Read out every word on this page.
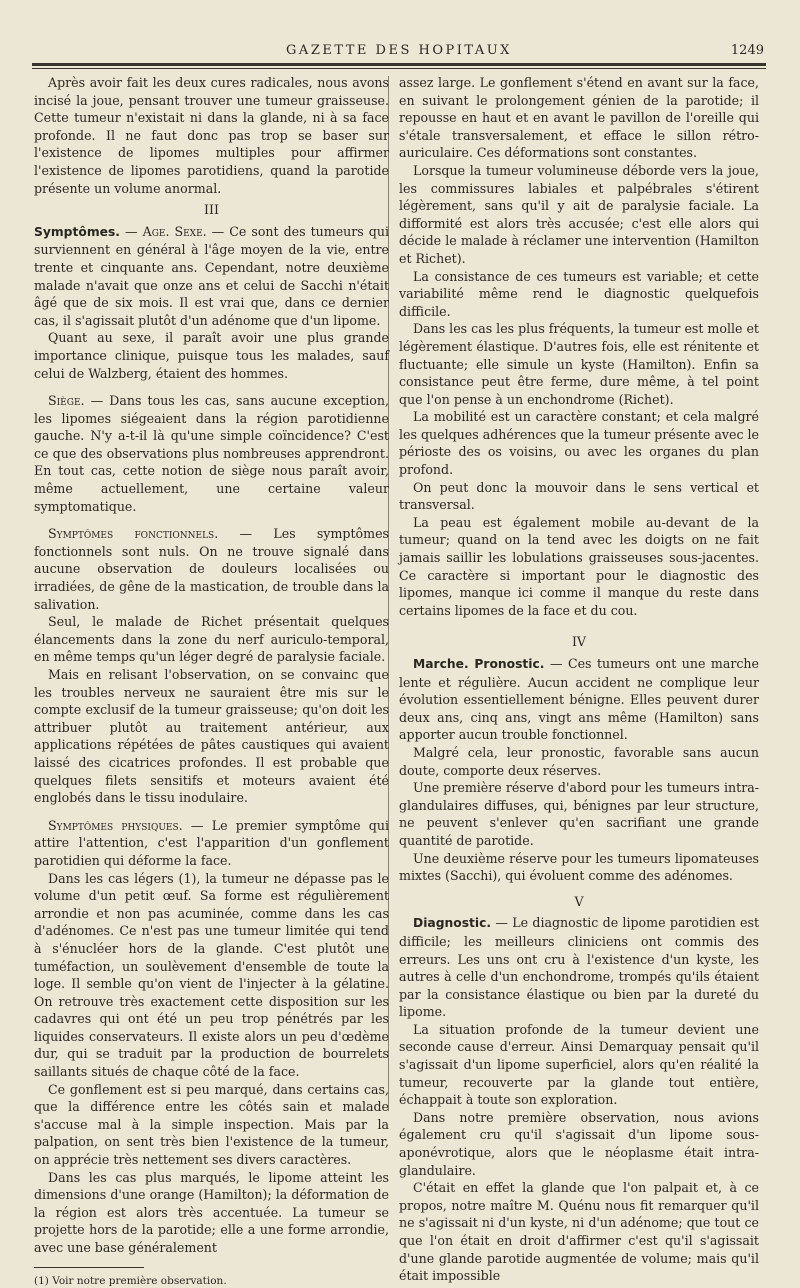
GAZETTE DES HOPITAUX	1249

Après avoir fait les deux cures radicales, nous avons incisé la joue, pensant trouver une tumeur graisseuse. Cette tumeur n'existait ni dans la glande, ni à sa face profonde. Il ne faut donc pas trop se baser sur l'existence de lipomes multiples pour affirmer l'existence de lipomes parotidiens, quand la parotide présente un volume anormal.

III

Symptômes. — Age. Sexe. — Ce sont des tumeurs qui surviennent en général à l'âge moyen de la vie, entre trente et cinquante ans. Cependant, notre deuxième malade n'avait que onze ans et celui de Sacchi n'était âgé que de six mois. Il est vrai que, dans ce dernier cas, il s'agissait plutôt d'un adénome que d'un lipome.

Quant au sexe, il paraît avoir une plus grande importance clinique, puisque tous les malades, sauf celui de Walzberg, étaient des hommes.

Siège. — Dans tous les cas, sans aucune exception, les lipomes siégeaient dans la région parotidienne gauche. N'y a-t-il là qu'une simple coïncidence? C'est ce que des observations plus nombreuses apprendront. En tout cas, cette notion de siège nous paraît avoir, même actuellement, une certaine valeur symptomatique.

Symptômes fonctionnels. — Les symptômes fonctionnels sont nuls. On ne trouve signalé dans aucune observation de douleurs localisées ou irradiées, de gêne de la mastication, de trouble dans la salivation.

Seul, le malade de Richet présentait quelques élancements dans la zone du nerf auriculo-temporal, en même temps qu'un léger degré de paralysie faciale.

Mais en relisant l'observation, on se convainc que les troubles nerveux ne sauraient être mis sur le compte exclusif de la tumeur graisseuse; qu'on doit les attribuer plutôt au traitement antérieur, aux applications répétées de pâtes caustiques qui avaient laissé des cicatrices profondes. Il est probable que quelques filets sensitifs et moteurs avaient été englobés dans le tissu inodulaire.

Symptômes physiques. — Le premier symptôme qui attire l'attention, c'est l'apparition d'un gonflement parotidien qui déforme la face.

Dans les cas légers (1), la tumeur ne dépasse pas le volume d'un petit œuf. Sa forme est régulièrement arrondie et non pas acuminée, comme dans les cas d'adénomes. Ce n'est pas une tumeur limitée qui tend à s'énucléer hors de la glande. C'est plutôt une tuméfaction, un soulèvement d'ensemble de toute la loge. Il semble qu'on vient de l'injecter à la gélatine. On retrouve très exactement cette disposition sur les cadavres qui ont été un peu trop pénétrés par les liquides conservateurs. Il existe alors un peu d'œdème dur, qui se traduit par la production de bourrelets saillants situés de chaque côté de la face.

Ce gonflement est si peu marqué, dans certains cas, que la différence entre les côtés sain et malade s'accuse mal à la simple inspection. Mais par la palpation, on sent très bien l'existence de la tumeur, on apprécie très nettement ses divers caractères.

Dans les cas plus marqués, le lipome atteint les dimensions d'une orange (Hamilton); la déformation de la région est alors très accentuée. La tumeur se projette hors de la parotide; elle a une forme arrondie, avec une base généralement

(1) Voir notre première observation.

assez large. Le gonflement s'étend en avant sur la face, en suivant le prolongement génien de la parotide; il repousse en haut et en avant le pavillon de l'oreille qui s'étale transversalement, et efface le sillon rétro-auriculaire. Ces déformations sont constantes.

Lorsque la tumeur volumineuse déborde vers la joue, les commissures labiales et palpébrales s'étirent légèrement, sans qu'il y ait de paralysie faciale. La difformité est alors très accusée; c'est elle alors qui décide le malade à réclamer une intervention (Hamilton et Richet).

La consistance de ces tumeurs est variable; et cette variabilité même rend le diagnostic quelquefois difficile.

Dans les cas les plus fréquents, la tumeur est molle et légèrement élastique. D'autres fois, elle est rénitente et fluctuante; elle simule un kyste (Hamilton). Enfin sa consistance peut être ferme, dure même, à tel point que l'on pense à un enchondrome (Richet).

La mobilité est un caractère constant; et cela malgré les quelques adhérences que la tumeur présente avec le périoste des os voisins, ou avec les organes du plan profond.

On peut donc la mouvoir dans le sens vertical et transversal.

La peau est également mobile au-devant de la tumeur; quand on la tend avec les doigts on ne fait jamais saillir les lobulations graisseuses sous-jacentes. Ce caractère si important pour le diagnostic des lipomes, manque ici comme il manque du reste dans certains lipomes de la face et du cou.

IV

Marche. Pronostic. — Ces tumeurs ont une marche lente et régulière. Aucun accident ne complique leur évolution essentiellement bénigne. Elles peuvent durer deux ans, cinq ans, vingt ans même (Hamilton) sans apporter aucun trouble fonctionnel.

Malgré cela, leur pronostic, favorable sans aucun doute, comporte deux réserves.

Une première réserve d'abord pour les tumeurs intra-glandulaires diffuses, qui, bénignes par leur structure, ne peuvent s'enlever qu'en sacrifiant une grande quantité de parotide.

Une deuxième réserve pour les tumeurs lipomateuses mixtes (Sacchi), qui évoluent comme des adénomes.

V

Diagnostic. — Le diagnostic de lipome parotidien est difficile; les meilleurs cliniciens ont commis des erreurs. Les uns ont cru à l'existence d'un kyste, les autres à celle d'un enchondrome, trompés qu'ils étaient par la consistance élastique ou bien par la dureté du lipome.

La situation profonde de la tumeur devient une seconde cause d'erreur. Ainsi Demarquay pensait qu'il s'agissait d'un lipome superficiel, alors qu'en réalité la tumeur, recouverte par la glande tout entière, échappait à toute son exploration.

Dans notre première observation, nous avions également cru qu'il s'agissait d'un lipome sous-aponévrotique, alors que le néoplasme était intra-glandulaire.

C'était en effet la glande que l'on palpait et, à ce propos, notre maître M. Quénu nous fit remarquer qu'il ne s'agissait ni d'un kyste, ni d'un adénome; que tout ce que l'on était en droit d'affirmer c'est qu'il s'agissait d'une glande parotide augmentée de volume; mais qu'il était impossible
